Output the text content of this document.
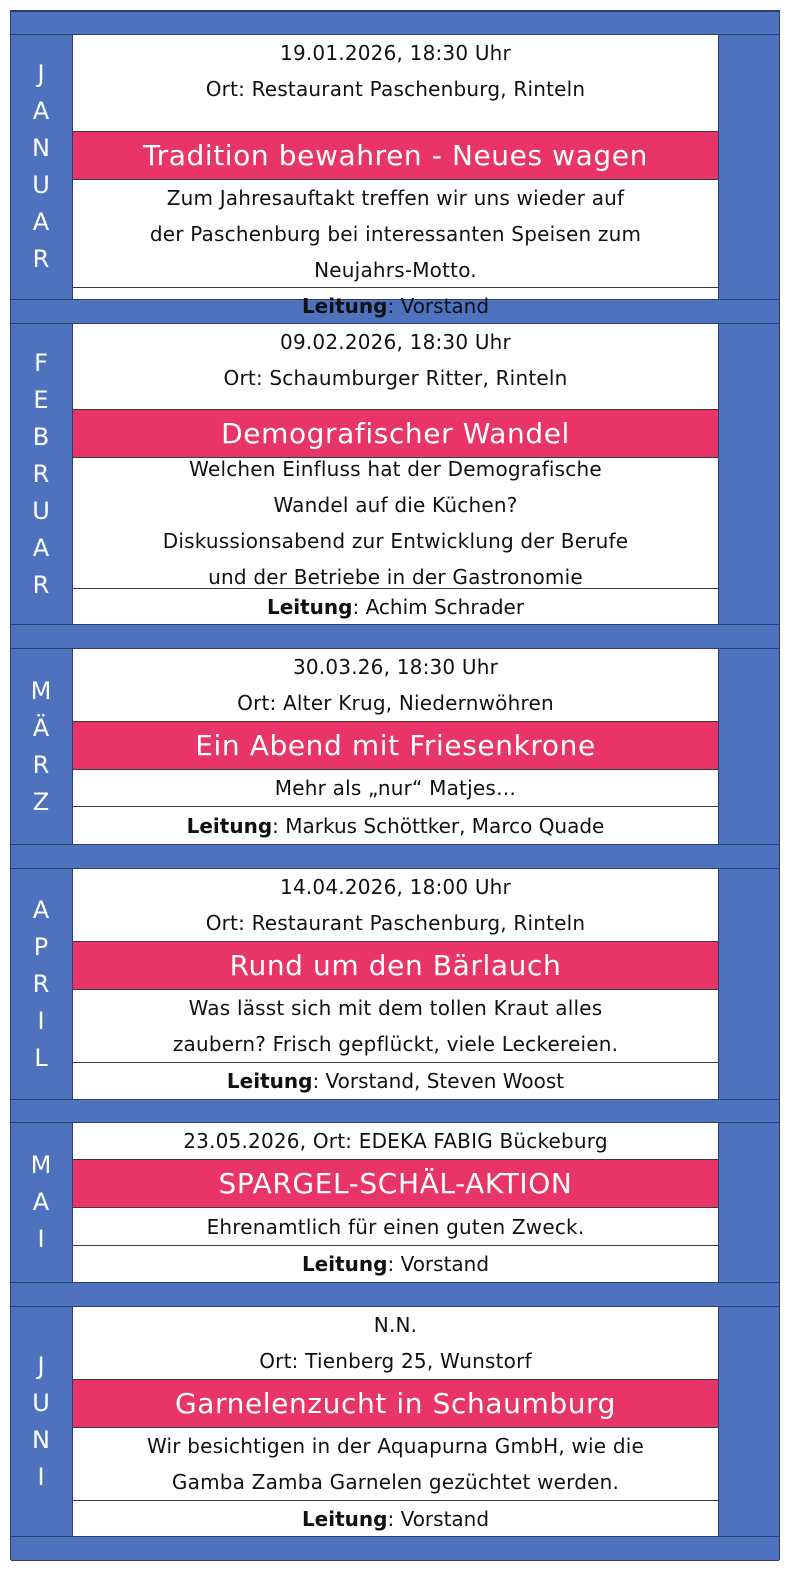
J
A
N
U
A
R
19.01.2026, 18:30 Uhr
Ort: Restaurant Paschenburg, Rinteln
Tradition bewahren - Neues wagen
Zum Jahresauftakt treffen wir uns wieder auf
der Paschenburg bei interessanten Speisen zum
Neujahrs-Motto.
Leitung : Vorstand
F
E
B
R
U
A
R
09.02.2026, 18:30 Uhr
Ort: Schaumburger Ritter, Rinteln
Demografischer Wandel
Welchen Einfluss hat der Demografische
Wandel auf die Küchen?
Diskussionsabend zur Entwicklung der Berufe
und der Betriebe in der Gastronomie
Leitung : Achim Schrader
M
Ä
R
Z
30.03.26, 18:30 Uhr
Ort: Alter Krug, Niedernwöhren
Ein Abend mit Friesenkrone
Mehr als „nur“ Matjes…
Leitung : Markus Schöttker, Marco Quade
A
P
R
I
L
14.04.2026, 18:00 Uhr
Ort: Restaurant Paschenburg, Rinteln
Rund um den Bärlauch
Was lässt sich mit dem tollen Kraut alles
zaubern? Frisch gepflückt, viele Leckereien.
Leitung : Vorstand, Steven Woost
M
A
I
23.05.2026, Ort: EDEKA FABIG Bückeburg
SPARGEL-SCHÄL-AKTION
Ehrenamtlich für einen guten Zweck.
Leitung : Vorstand
J
U
N
I
N.N.
Ort: Tienberg 25, Wunstorf
Garnelenzucht in Schaumburg
Wir besichtigen in der Aquapurna GmbH, wie die
Gamba Zamba Garnelen gezüchtet werden.
Leitung : Vorstand
